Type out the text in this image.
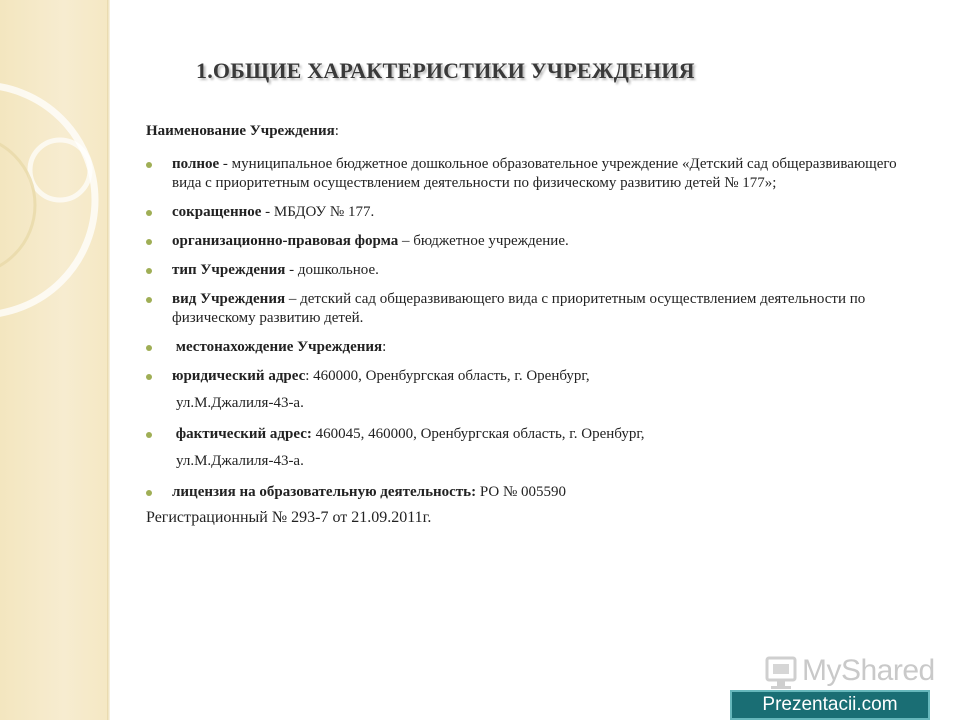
1.ОБЩИЕ ХАРАКТЕРИСТИКИ УЧРЕЖДЕНИЯ

Наименование Учреждения:

полное - муниципальное бюджетное дошкольное образовательное учреждение «Детский сад общеразвивающего вида с приоритетным осуществлением деятельности по физическому развитию детей № 177»;
сокращенное - МБДОУ № 177.
организационно-правовая форма – бюджетное учреждение.
тип Учреждения - дошкольное.
вид Учреждения – детский сад общеразвивающего вида с приоритетным осуществлением деятельности по физическому развитию детей.
местонахождение Учреждения:
юридический адрес: 460000, Оренбургская область, г. Оренбург,

ул.М.Джалиля-43-а.

фактический адрес: 460045, 460000, Оренбургская область, г. Оренбург,

ул.М.Джалиля-43-а.

лицензия на образовательную деятельность: РО № 005590

Регистрационный № 293-7 от 21.09.2011г.

MyShared
Prezentacii.com
